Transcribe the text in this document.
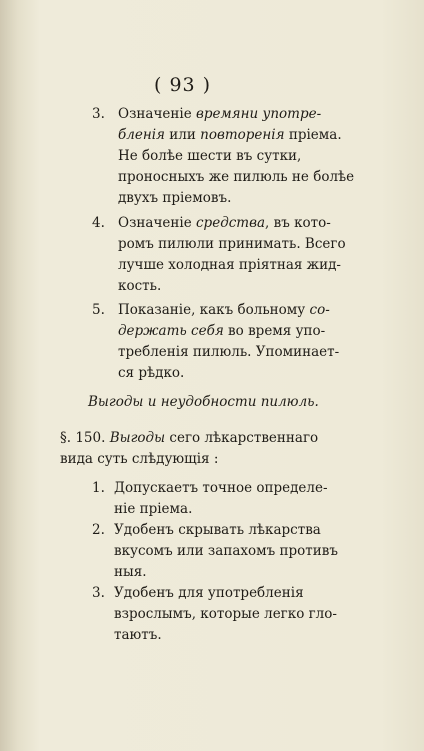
( 93 )
3. Означеніе времяни употре-
бленія или повторенія пріема.
Не болѣе шести въ сутки,
проносныхъ же пилюль не болѣе
двухъ пріемовъ.
4. Означеніе средства, въ кото-
ромъ пилюли принимать. Всего
лучше холодная пріятная жид-
кость.
5. Показаніе, какъ больному со-
держать себя во время упо-
требленія пилюль. Упоминает-
ся рѣдко.
Выгоды и неудобности пилюль.
§. 150. Выгоды сего лѣкарственнаго
вида суть слѣдующія :
1. Допускаетъ точное определе-
ніе пріема.
2. Удобенъ скрывать лѣкарства
вкусомъ или запахомъ противъ
ныя.
3. Удобенъ для употребленія
взрослымъ, которые легко гло-
таютъ.
